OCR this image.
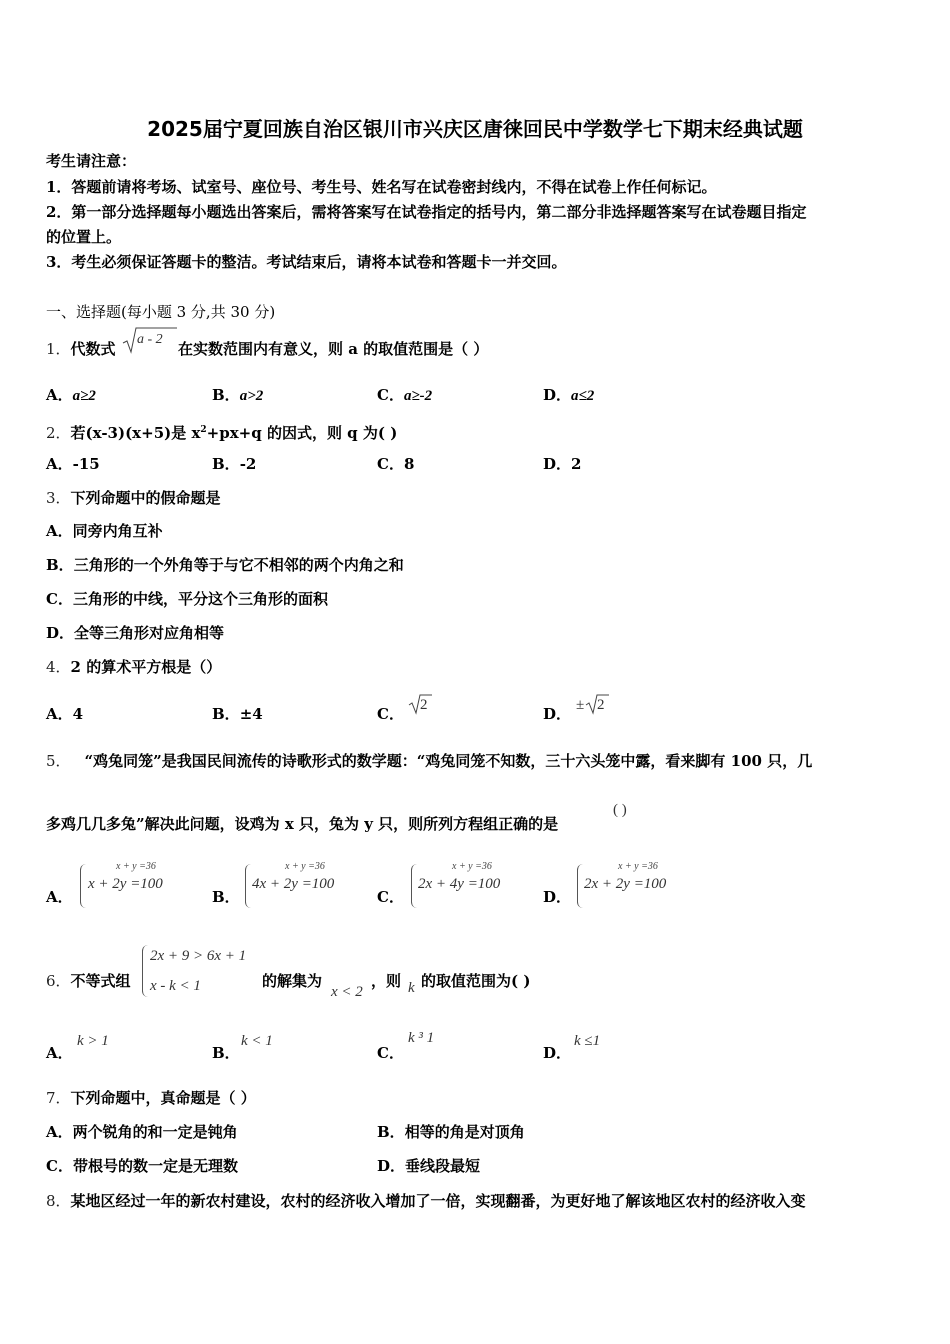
2025届宁夏回族自治区银川市兴庆区唐徕回民中学数学七下期末经典试题
考生请注意：
1．答题前请将考场、试室号、座位号、考生号、姓名写在试卷密封线内，不得在试卷上作任何标记。
2．第一部分选择题每小题选出答案后，需将答案写在试卷指定的括号内，第二部分非选择题答案写在试卷题目指定
的位置上。
3．考生必须保证答题卡的整洁。考试结束后，请将本试卷和答题卡一并交回。
一、选择题(每小题 3 分,共 30 分)
1．代数式
a - 2
在实数范围内有意义，则 a 的取值范围是（ ）
A．a≥2	B．a>2	C．a≥-2	D．a≤2
2．若(x-3)(x+5)是 $x^2+px+q$ 的因式，则 q 为( )
A．-15	B．-2	C．8	D．2
3．下列命题中的假命题是
A．同旁内角互补
B．三角形的一个外角等于与它不相邻的两个内角之和
C．三角形的中线，平分这个三角形的面积
D．全等三角形对应角相等
4．2 的算术平方根是（）
A．4	B．±4	C． 2	D． ± 2
5． “鸡兔同笼”是我国民间流传的诗歌形式的数学题：“鸡兔同笼不知数，三十六头笼中露，看来脚有 100 只，几
多鸡几几多兔”解决此问题，设鸡为 x 只，兔为 y 只，则所列方程组正确的是
( )
A．
x + y =36
x + 2y =100
B．
x + y =36
4x + 2y =100
C．
x + y =36
2x + 4y =100
D．
x + y =36
2x + 2y =100
6．不等式组
2x + 9 > 6x + 1
x - k < 1	的解集为
x < 2
，则 k 的取值范围为( )
A．
k > 1
B．
k < 1
C．
k ³ 1
D．
k ≤1
7．下列命题中，真命题是（ ）
A．两个锐角的和一定是钝角	B．相等的角是对顶角
C．带根号的数一定是无理数	D．垂线段最短
8．某地区经过一年的新农村建设，农村的经济收入增加了一倍，实现翻番，为更好地了解该地区农村的经济收入变
